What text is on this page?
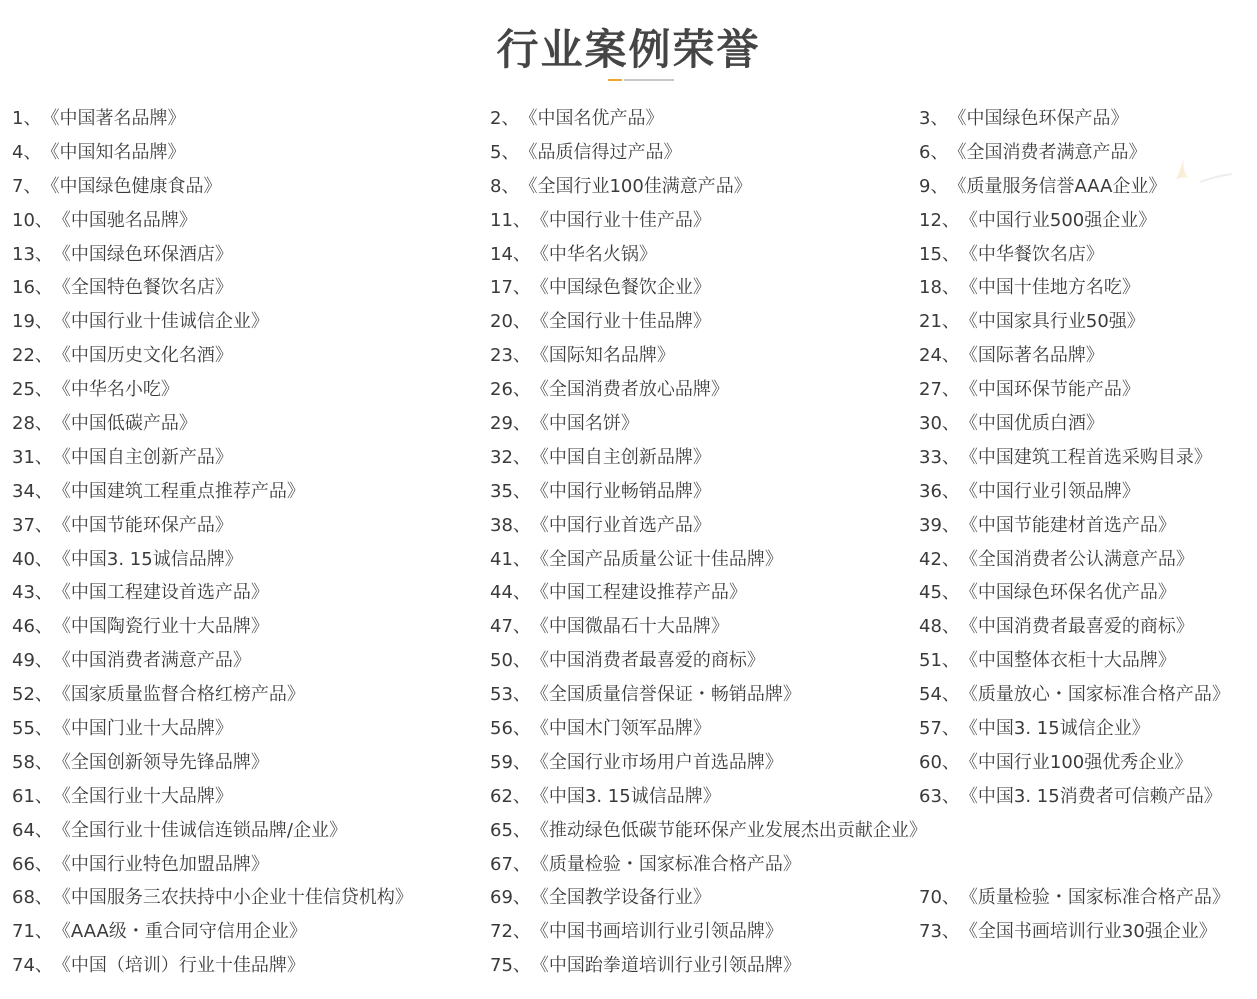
行业案例荣誉
1、《中国著名品牌》	2、《中国名优产品》	3、《中国绿色环保产品》
4、《中国知名品牌》	5、《品质信得过产品》	6、《全国消费者满意产品》
7、《中国绿色健康食品》	8、《全国行业100佳满意产品》	9、《质量服务信誉AAA企业》
10、《中国驰名品牌》	11、《中国行业十佳产品》	12、《中国行业500强企业》
13、《中国绿色环保酒店》	14、《中华名火锅》	15、《中华餐饮名店》
16、《全国特色餐饮名店》	17、《中国绿色餐饮企业》	18、《中国十佳地方名吃》
19、《中国行业十佳诚信企业》	20、《全国行业十佳品牌》	21、《中国家具行业50强》
22、《中国历史文化名酒》	23、《国际知名品牌》	24、《国际著名品牌》
25、《中华名小吃》	26、《全国消费者放心品牌》	27、《中国环保节能产品》
28、《中国低碳产品》	29、《中国名饼》	30、《中国优质白酒》
31、《中国自主创新产品》	32、《中国自主创新品牌》	33、《中国建筑工程首选采购目录》
34、《中国建筑工程重点推荐产品》	35、《中国行业畅销品牌》	36、《中国行业引领品牌》
37、《中国节能环保产品》	38、《中国行业首选产品》	39、《中国节能建材首选产品》
40、《中国3. 15诚信品牌》	41、《全国产品质量公证十佳品牌》	42、《全国消费者公认满意产品》
43、《中国工程建设首选产品》	44、《中国工程建设推荐产品》	45、《中国绿色环保名优产品》
46、《中国陶瓷行业十大品牌》	47、《中国微晶石十大品牌》	48、《中国消费者最喜爱的商标》
49、《中国消费者满意产品》	50、《中国消费者最喜爱的商标》	51、《中国整体衣柜十大品牌》
52、《国家质量监督合格红榜产品》	53、《全国质量信誉保证・畅销品牌》	54、《质量放心・国家标准合格产品》
55、《中国门业十大品牌》	56、《中国木门领军品牌》	57、《中国3. 15诚信企业》
58、《全国创新领导先锋品牌》	59、《全国行业市场用户首选品牌》	60、《中国行业100强优秀企业》
61、《全国行业十大品牌》	62、《中国3. 15诚信品牌》	63、《中国3. 15消费者可信赖产品》
64、《全国行业十佳诚信连锁品牌/企业》	65、《推动绿色低碳节能环保产业发展杰出贡献企业》
66、《中国行业特色加盟品牌》	67、《质量检验・国家标准合格产品》
68、《中国服务三农扶持中小企业十佳信贷机构》	69、《全国教学设备行业》	70、《质量检验・国家标准合格产品》
71、《AAA级・重合同守信用企业》	72、《中国书画培训行业引领品牌》	73、《全国书画培训行业30强企业》
74、《中国（培训）行业十佳品牌》	75、《中国跆拳道培训行业引领品牌》
